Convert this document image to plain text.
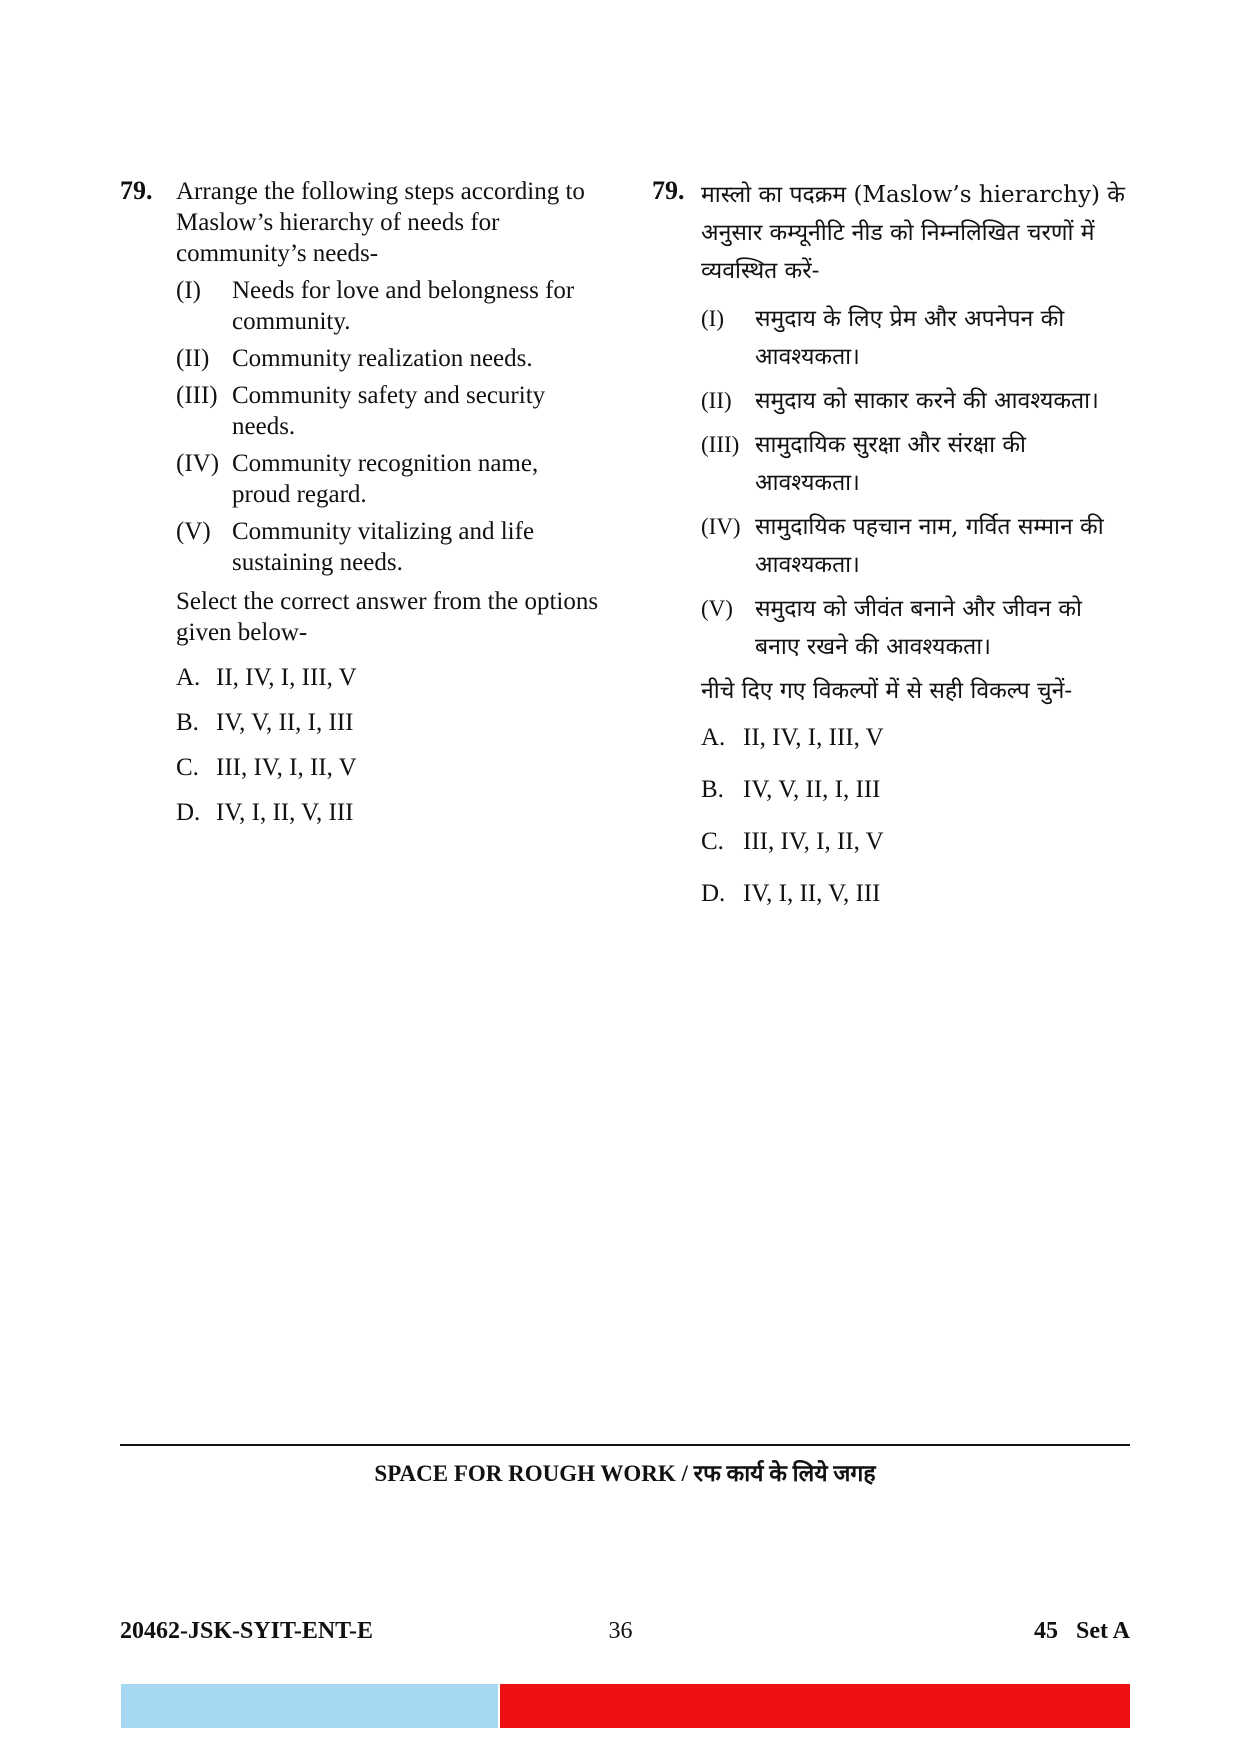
79. Arrange the following steps according to Maslow’s hierarchy of needs for community’s needs-
(I)	Needs for love and belongness for community.
(II) Community realization needs.
(III) Community safety and security needs.
(IV) Community recognition name, proud regard.
(V) Community vitalizing and life sustaining needs.
Select the correct answer from the options given below-
A. II, IV, I, III, V
B. IV, V, II, I, III
C. III, IV, I, II, V
D. IV, I, II, V, III
79. मास्लो का पदक्रम (Maslow’s hierarchy) के अनुसार कम्यूनीटि नीड को निम्नलिखित चरणों में व्यवस्थित करें-
(I)	समुदाय के लिए प्रेम और अपनेपन की आवश्यकता।
(II)	समुदाय को साकार करने की आवश्यकता।
(III) सामुदायिक सुरक्षा और संरक्षा की आवश्यकता।
(IV) सामुदायिक पहचान नाम, गर्वित सम्मान की आवश्यकता।
(V) समुदाय को जीवंत बनाने और जीवन को बनाए रखने की आवश्यकता।
नीचे दिए गए विकल्पों में से सही विकल्प चुनें-
A. II, IV, I, III, V
B. IV, V, II, I, III
C. III, IV, I, II, V
D. IV, I, II, V, III
SPACE FOR ROUGH WORK / रफ कार्य के लिये जगह
20462-JSK-SYIT-ENT-E	36	45   Set A
